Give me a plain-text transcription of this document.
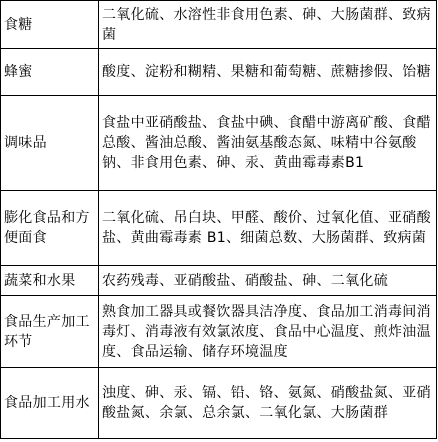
食糖	二氧化硫、水溶性非食用色素、砷、大肠菌群、致病菌
蜂蜜	酸度、淀粉和糊精、果糖和葡萄糖、蔗糖掺假、饴糖
调味品	食盐中亚硝酸盐、食盐中碘、食醋中游离矿酸、食醋总酸、酱油总酸、酱油氨基酸态氮、味精中谷氨酸钠、非食用色素、砷、汞、黄曲霉毒素B1
膨化食品和方便面食	二氧化硫、吊白块、甲醛、酸价、过氧化值、亚硝酸盐、黄曲霉毒素 B1、细菌总数、大肠菌群、致病菌
蔬菜和水果	农药残毒、亚硝酸盐、硝酸盐、砷、二氧化硫
食品生产加工环节	熟食加工器具或餐饮器具洁净度、食品加工消毒间消毒灯、消毒液有效氯浓度、食品中心温度、煎炸油温度、食品运输、储存环境温度
食品加工用水	浊度、砷、汞、镉、铅、铬、氨氮、硝酸盐氮、亚硝酸盐氮、余氯、总余氯、二氧化氯、大肠菌群
